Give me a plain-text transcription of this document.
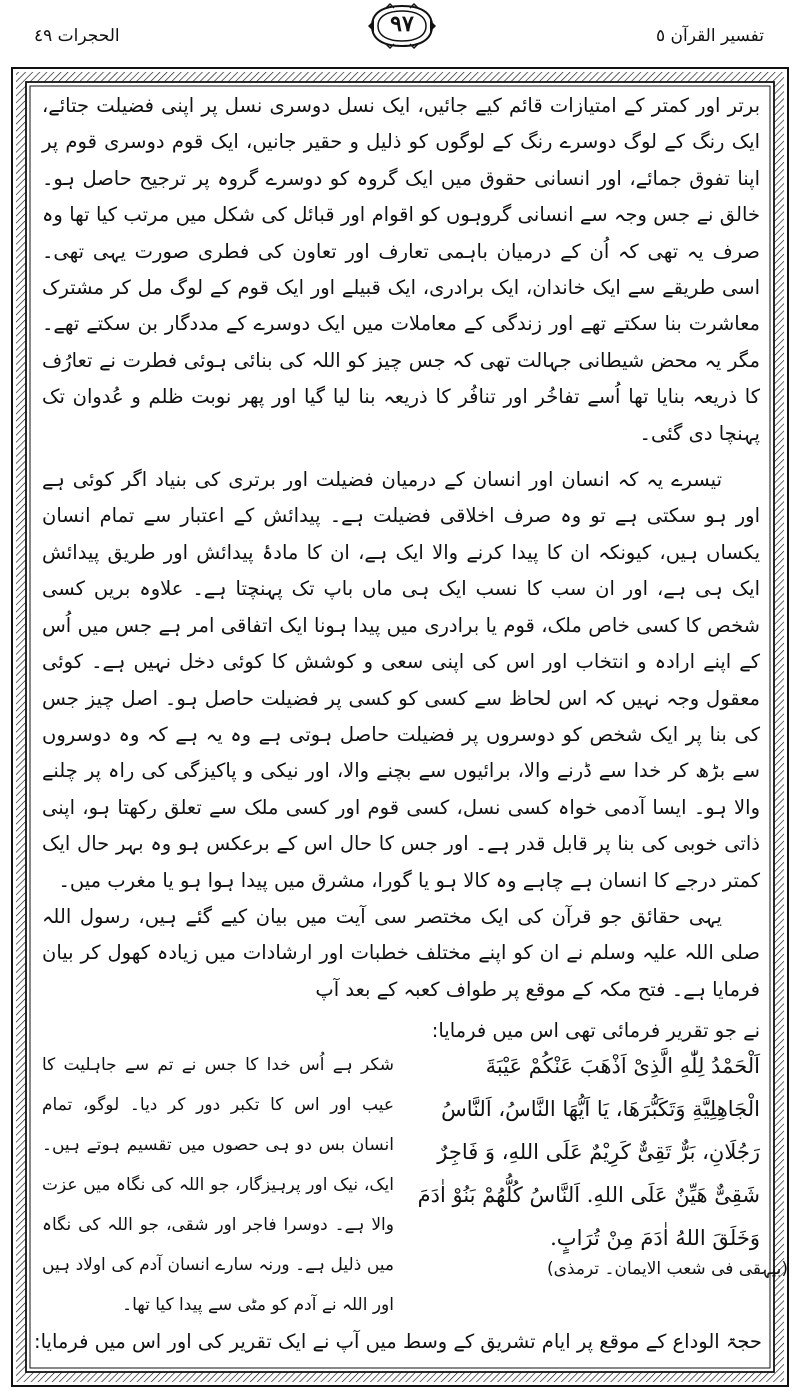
تفسیر القرآن ٥
٩٧
الحجرات ٤٩

برتر اور کمتر کے امتیازات قائم کیے جائیں، ایک نسل دوسری نسل پر اپنی فضیلت جتائے، ایک رنگ کے لوگ دوسرے رنگ کے لوگوں کو ذلیل و حقیر جانیں، ایک قوم دوسری قوم پر اپنا تفوق جمائے، اور انسانی حقوق میں ایک گروہ کو دوسرے گروہ پر ترجیح حاصل ہو۔ خالق نے جس وجہ سے انسانی گروہوں کو اقوام اور قبائل کی شکل میں مرتب کیا تھا وہ صرف یہ تھی کہ اُن کے درمیان باہمی تعارف اور تعاون کی فطری صورت یہی تھی۔ اسی طریقے سے ایک خاندان، ایک برادری، ایک قبیلے اور ایک قوم کے لوگ مل کر مشترک معاشرت بنا سکتے تھے اور زندگی کے معاملات میں ایک دوسرے کے مددگار بن سکتے تھے۔ مگر یہ محض شیطانی جہالت تھی کہ جس چیز کو اللہ کی بنائی ہوئی فطرت نے تعارُف کا ذریعہ بنایا تھا اُسے تفاخُر اور تنافُر کا ذریعہ بنا لیا گیا اور پھر نوبت ظلم و عُدوان تک پہنچا دی گئی۔

تیسرے یہ کہ انسان اور انسان کے درمیان فضیلت اور برتری کی بنیاد اگر کوئی ہے اور ہو سکتی ہے تو وہ صرف اخلاقی فضیلت ہے۔ پیدائش کے اعتبار سے تمام انسان یکساں ہیں، کیونکہ ان کا پیدا کرنے والا ایک ہے، ان کا مادۂ پیدائش اور طریق پیدائش ایک ہی ہے، اور ان سب کا نسب ایک ہی ماں باپ تک پہنچتا ہے۔ علاوہ بریں کسی شخص کا کسی خاص ملک، قوم یا برادری میں پیدا ہونا ایک اتفاقی امر ہے جس میں اُس کے اپنے ارادہ و انتخاب اور اس کی اپنی سعی و کوشش کا کوئی دخل نہیں ہے۔ کوئی معقول وجہ نہیں کہ اس لحاظ سے کسی کو کسی پر فضیلت حاصل ہو۔ اصل چیز جس کی بنا پر ایک شخص کو دوسروں پر فضیلت حاصل ہوتی ہے وہ یہ ہے کہ وہ دوسروں سے بڑھ کر خدا سے ڈرنے والا، برائیوں سے بچنے والا، اور نیکی و پاکیزگی کی راہ پر چلنے والا ہو۔ ایسا آدمی خواہ کسی نسل، کسی قوم اور کسی ملک سے تعلق رکھتا ہو، اپنی ذاتی خوبی کی بنا پر قابل قدر ہے۔ اور جس کا حال اس کے برعکس ہو وہ بہر حال ایک کمتر درجے کا انسان ہے چاہے وہ کالا ہو یا گورا، مشرق میں پیدا ہوا ہو یا مغرب میں۔

یہی حقائق جو قرآن کی ایک مختصر سی آیت میں بیان کیے گئے ہیں، رسول اللہ صلی اللہ علیہ وسلم نے ان کو اپنے مختلف خطبات اور ارشادات میں زیادہ کھول کر بیان فرمایا ہے۔ فتح مکہ کے موقع پر طواف کعبہ کے بعد آپ

نے جو تقریر فرمائی تھی اس میں فرمایا:
اَلْحَمْدُ لِلّٰهِ الَّذِیْ اَذْهَبَ عَنْكُمْ عَیْبَةَ
الْجَاهِلِیَّةِ وَتَكَبُّرَهَا، یَا اَیُّهَا النَّاسُ، اَلنَّاسُ
رَجُلَانِ، بَرٌّ تَقِیٌّ كَرِیْمٌ عَلَى اللهِ، وَ فَاجِرٌ
شَقِیٌّ هَیِّنٌ عَلَى اللهِ. اَلنَّاسُ كُلُّهُمْ بَنُوْ اٰدَمَ
وَخَلَقَ اللهُ اٰدَمَ مِنْ تُرَابٍ.
شکر ہے اُس خدا کا جس نے تم سے جاہلیت کا عیب اور اس کا تکبر دور کر دیا۔ لوگو، تمام انسان بس دو ہی حصوں میں تقسیم ہوتے ہیں۔ ایک، نیک اور پرہیزگار، جو اللہ کی نگاہ میں عزت والا ہے۔ دوسرا فاجر اور شقی، جو اللہ کی نگاہ میں ذلیل ہے۔ ورنہ سارے انسان آدم کی اولاد ہیں اور اللہ نے آدم کو مٹی سے پیدا کیا تھا۔
(بیہقی فی شعب الایمان۔ ترمذی)
حجۃ الوداع کے موقع پر ایام تشریق کے وسط میں آپ نے ایک تقریر کی اور اس میں فرمایا:
